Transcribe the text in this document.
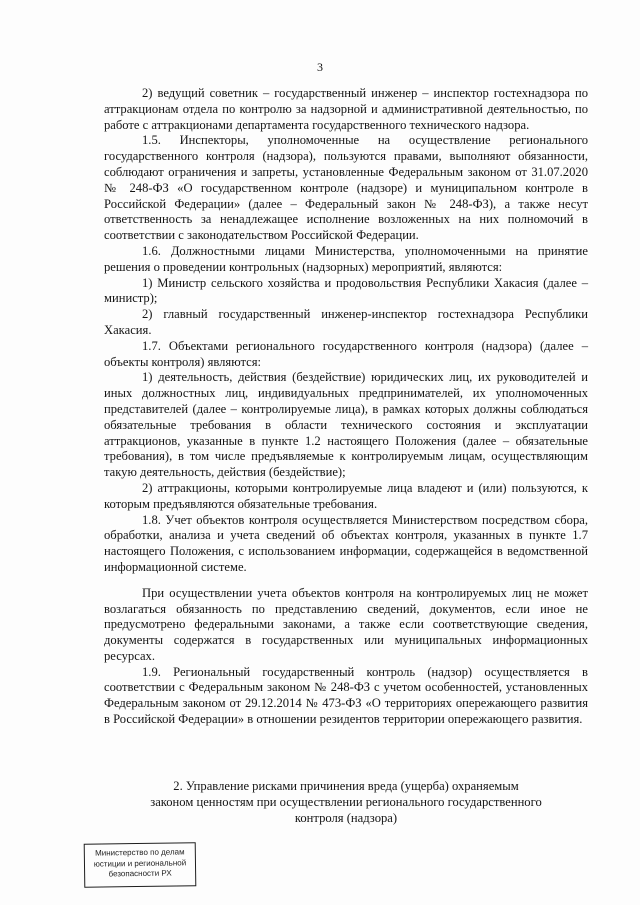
3

2) ведущий советник – государственный инженер – инспектор гостехнадзора по аттракционам отдела по контролю за надзорной и административной деятельностью, по работе с аттракционами департамента государственного технического надзора.

1.5. Инспекторы, уполномоченные на осуществление регионального государственного контроля (надзора), пользуются правами, выполняют обязанности, соблюдают ограничения и запреты, установленные Федеральным законом от 31.07.2020 № 248-ФЗ «О государственном контроле (надзоре) и муниципальном контроле в Российской Федерации» (далее – Федеральный закон № 248-ФЗ), а также несут ответственность за ненадлежащее исполнение возложенных на них полномочий в соответствии с законодательством Российской Федерации.

1.6. Должностными лицами Министерства, уполномоченными на принятие решения о проведении контрольных (надзорных) мероприятий, являются:

1) Министр сельского хозяйства и продовольствия Республики Хакасия (далее – министр);

2) главный государственный инженер-инспектор гостехнадзора Республики Хакасия.

1.7. Объектами регионального государственного контроля (надзора) (далее – объекты контроля) являются:

1) деятельность, действия (бездействие) юридических лиц, их руководителей и иных должностных лиц, индивидуальных предпринимателей, их уполномоченных представителей (далее – контролируемые лица), в рамках которых должны соблюдаться обязательные требования в области технического состояния и эксплуатации аттракционов, указанные в пункте 1.2 настоящего Положения (далее – обязательные требования), в том числе предъявляемые к контролируемым лицам, осуществляющим такую деятельность, действия (бездействие);

2) аттракционы, которыми контролируемые лица владеют и (или) пользуются, к которым предъявляются обязательные требования.

1.8. Учет объектов контроля осуществляется Министерством посредством сбора, обработки, анализа и учета сведений об объектах контроля, указанных в пункте 1.7 настоящего Положения, с использованием информации, содержащейся в ведомственной информационной системе.

При осуществлении учета объектов контроля на контролируемых лиц не может возлагаться обязанность по представлению сведений, документов, если иное не предусмотрено федеральными законами, а также если соответствующие сведения, документы содержатся в государственных или муниципальных информационных ресурсах.

1.9. Региональный государственный контроль (надзор) осуществляется в соответствии с Федеральным законом № 248-ФЗ с учетом особенностей, установленных Федеральным законом от 29.12.2014 № 473-ФЗ «О территориях опережающего развития в Российской Федерации» в отношении резидентов территории опережающего развития.

2. Управление рисками причинения вреда (ущерба) охраняемым

законом ценностям при осуществлении регионального государственного

контроля (надзора)

Министерство по делам
юстиции и региональной
безопасности РХ
